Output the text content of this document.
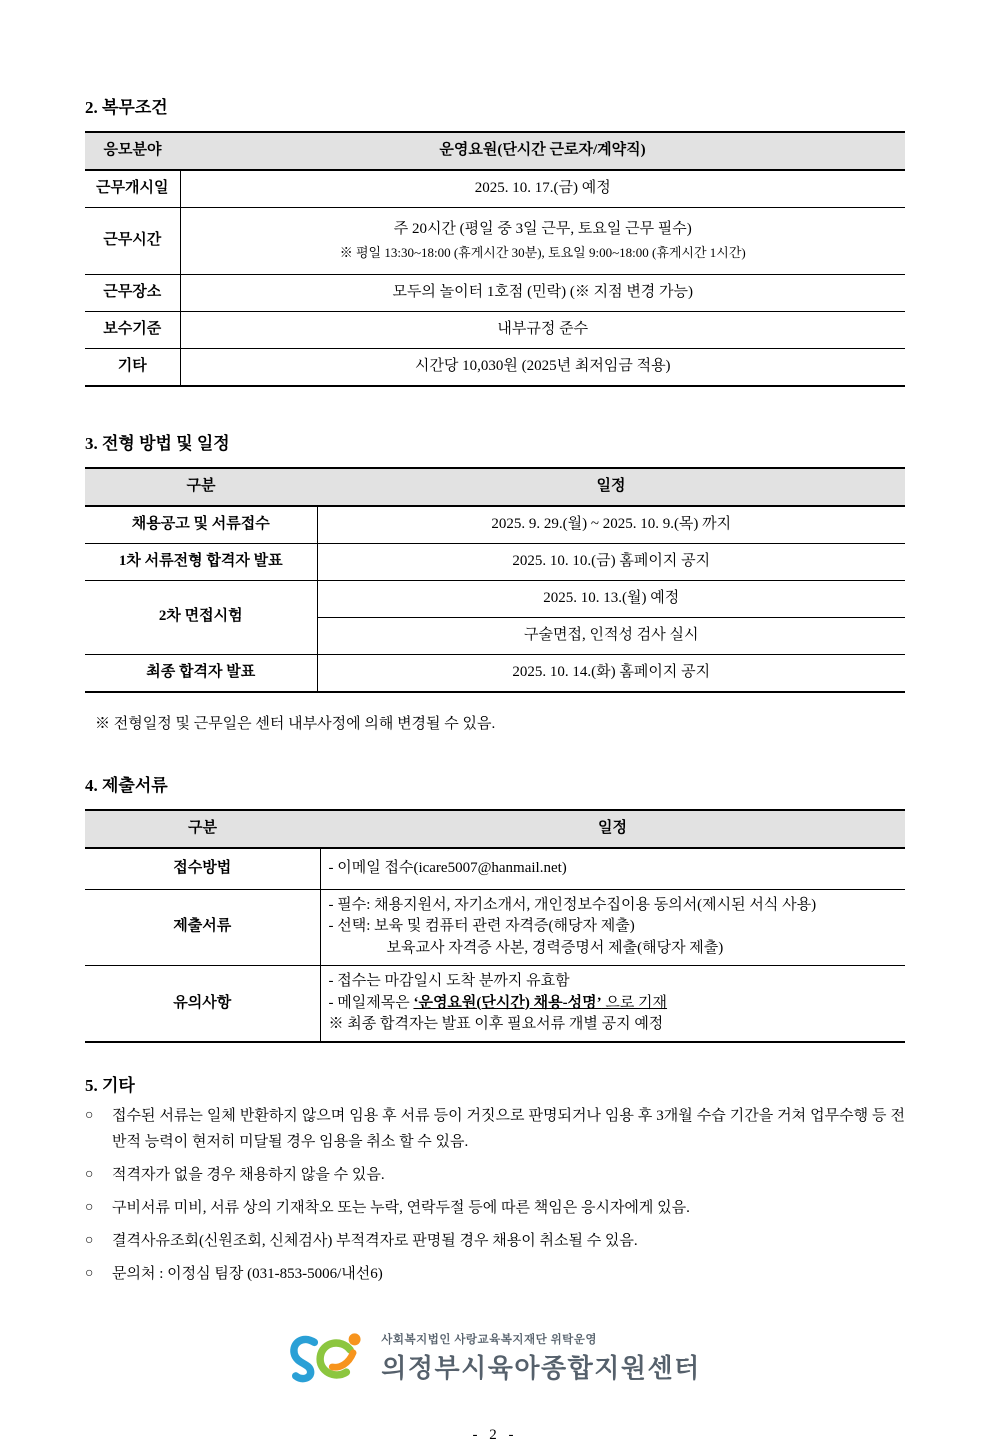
2. 복무조건
응모분야	운영요원(단시간 근로자/계약직)
근무개시일	2025. 10. 17.(금) 예정
근무시간	주 20시간 (평일 중 3일 근무, 토요일 근무 필수)
※ 평일 13:30~18:00 (휴게시간 30분), 토요일 9:00~18:00 (휴게시간 1시간)

근무장소	모두의 놀이터 1호점 (민락) (※ 지점 변경 가능)
보수기준	내부규정 준수
기타	시간당 10,030원 (2025년 최저임금 적용)
3. 전형 방법 및 일정
구분	일정
채용공고 및 서류접수	2025. 9. 29.(월) ~ 2025. 10. 9.(목) 까지
1차 서류전형 합격자 발표	2025. 10. 10.(금) 홈페이지 공지
2차 면접시험	2025. 10. 13.(월) 예정
	구술면접, 인적성 검사 실시
최종 합격자 발표	2025. 10. 14.(화) 홈페이지 공지
※ 전형일정 및 근무일은 센터 내부사정에 의해 변경될 수 있음.
4. 제출서류
구분	일정
접수방법	- 이메일 접수(icare5007@hanmail.net)
제출서류	- 필수: 채용지원서, 자기소개서, 개인정보수집이용 동의서(제시된 서식 사용)
- 선택: 보육 및 컴퓨터 관련 자격증(해당자 제출)
보육교사 자격증 사본, 경력증명서 제출(해당자 제출)

유의사항	- 접수는 마감일시 도착 분까지 유효함
- 메일제목은 ‘운영요원(단시간) 채용-성명’ 으로 기재
※ 최종 합격자는 발표 이후 필요서류 개별 공지 예정
5. 기타
○	접수된 서류는 일체 반환하지 않으며 임용 후 서류 등이 거짓으로 판명되거나 임용 후 3개월 수습 기간을 거쳐 업무수행 등 전반적 능력이 현저히 미달될 경우 임용을 취소 할 수 있음.
○	적격자가 없을 경우 채용하지 않을 수 있음.
○	구비서류 미비, 서류 상의 기재착오 또는 누락, 연락두절 등에 따른 책임은 응시자에게 있음.
○	결격사유조회(신원조회, 신체검사) 부적격자로 판명될 경우 채용이 취소될 수 있음.
○	문의처 : 이정심 팀장 (031-853-5006/내선6)
사회복지법인 사랑교육복지재단 위탁운영
의정부시육아종합지원센터
- 2 -
